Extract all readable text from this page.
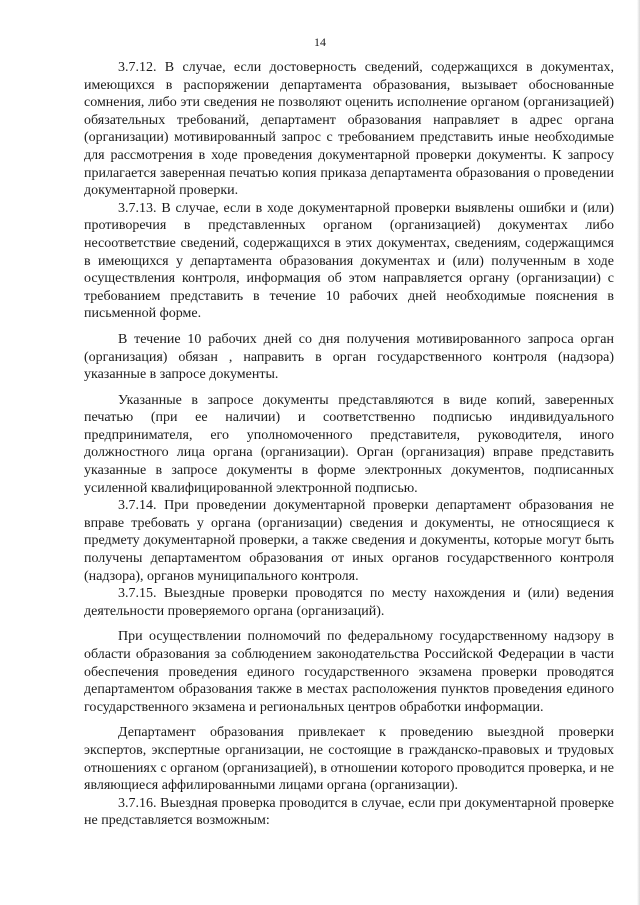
14

3.7.12. В случае, если достоверность сведений, содержащихся в документах, имеющихся в распоряжении департамента образования, вызывает обоснованные сомнения, либо эти сведения не позволяют оценить исполнение органом (организацией) обязательных требований, департамент образования направляет в адрес органа (организации) мотивированный запрос с требованием представить иные необходимые для рассмотрения в ходе проведения документарной проверки документы. К запросу прилагается заверенная печатью копия приказа департамента образования о проведении документарной проверки.

3.7.13. В случае, если в ходе документарной проверки выявлены ошибки и (или) противоречия в представленных органом (организацией) документах либо несоответствие сведений, содержащихся в этих документах, сведениям, содержащимся в имеющихся у департамента образования документах и (или) полученным в ходе осуществления контроля, информация об этом направляется органу (организации) с требованием представить в течение 10 рабочих дней необходимые пояснения в письменной форме.

В течение 10 рабочих дней со дня получения мотивированного запроса орган (организация) обязан , направить в орган государственного контроля (надзора) указанные в запросе документы.

Указанные в запросе документы представляются в виде копий, заверенных печатью (при ее наличии) и соответственно подписью индивидуального предпринимателя, его уполномоченного представителя, руководителя, иного должностного лица органа (организации). Орган (организация) вправе представить указанные в запросе документы в форме электронных документов, подписанных усиленной квалифицированной электронной подписью.

3.7.14. При проведении документарной проверки департамент образования не вправе требовать у органа (организации) сведения и документы, не относящиеся к предмету документарной проверки, а также сведения и документы, которые могут быть получены департаментом образования от иных органов государственного контроля (надзора), органов муниципального контроля.

3.7.15. Выездные проверки проводятся по месту нахождения и (или) ведения деятельности проверяемого органа (организаций).

При осуществлении полномочий по федеральному государственному надзору в области образования за соблюдением законодательства Российской Федерации в части обеспечения проведения единого государственного экзамена проверки проводятся департаментом образования также в местах расположения пунктов проведения единого государственного экзамена и региональных центров обработки информации.

Департамент образования привлекает к проведению выездной проверки экспертов, экспертные организации, не состоящие в гражданско-правовых и трудовых отношениях с органом (организацией), в отношении которого проводится проверка, и не являющиеся аффилированными лицами органа (организации).

3.7.16. Выездная проверка проводится в случае, если при документарной проверке не представляется возможным:
